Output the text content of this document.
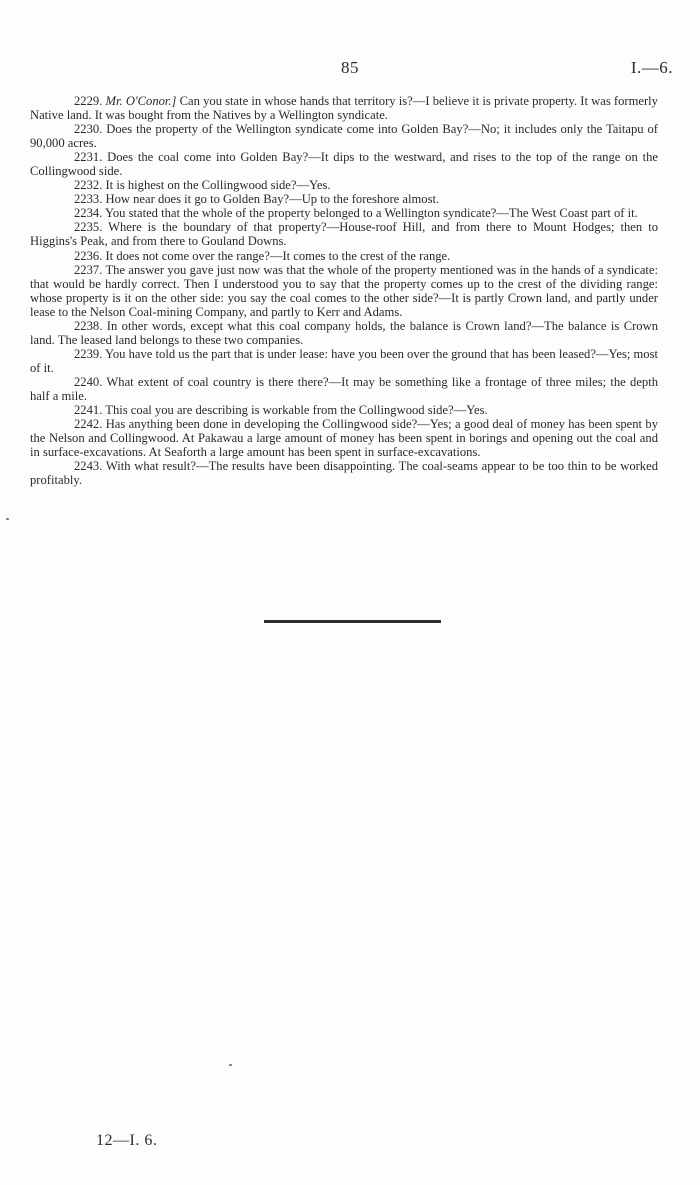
85	I.—6.

2229. Mr. O'Conor.] Can you state in whose hands that territory is?—I believe it is private property. It was formerly Native land. It was bought from the Natives by a Wellington syndicate.

2230. Does the property of the Wellington syndicate come into Golden Bay?—No; it includes only the Taitapu of 90,000 acres.

2231. Does the coal come into Golden Bay?—It dips to the westward, and rises to the top of the range on the Collingwood side.

2232. It is highest on the Collingwood side?—Yes.

2233. How near does it go to Golden Bay?—Up to the foreshore almost.

2234. You stated that the whole of the property belonged to a Wellington syndicate?—The West Coast part of it.

2235. Where is the boundary of that property?—House-roof Hill, and from there to Mount Hodges; then to Higgins's Peak, and from there to Gouland Downs.

2236. It does not come over the range?—It comes to the crest of the range.

2237. The answer you gave just now was that the whole of the property mentioned was in the hands of a syndicate: that would be hardly correct. Then I understood you to say that the property comes up to the crest of the dividing range: whose property is it on the other side: you say the coal comes to the other side?—It is partly Crown land, and partly under lease to the Nelson Coal-mining Company, and partly to Kerr and Adams.

2238. In other words, except what this coal company holds, the balance is Crown land?—The balance is Crown land. The leased land belongs to these two companies.

2239. You have told us the part that is under lease: have you been over the ground that has been leased?—Yes; most of it.

2240. What extent of coal country is there there?—It may be something like a frontage of three miles; the depth half a mile.

2241. This coal you are describing is workable from the Collingwood side?—Yes.

2242. Has anything been done in developing the Collingwood side?—Yes; a good deal of money has been spent by the Nelson and Collingwood. At Pakawau a large amount of money has been spent in borings and opening out the coal and in surface-excavations. At Seaforth a large amount has been spent in surface-excavations.

2243. With what result?—The results have been disappointing. The coal-seams appear to be too thin to be worked profitably.

12—I. 6.
